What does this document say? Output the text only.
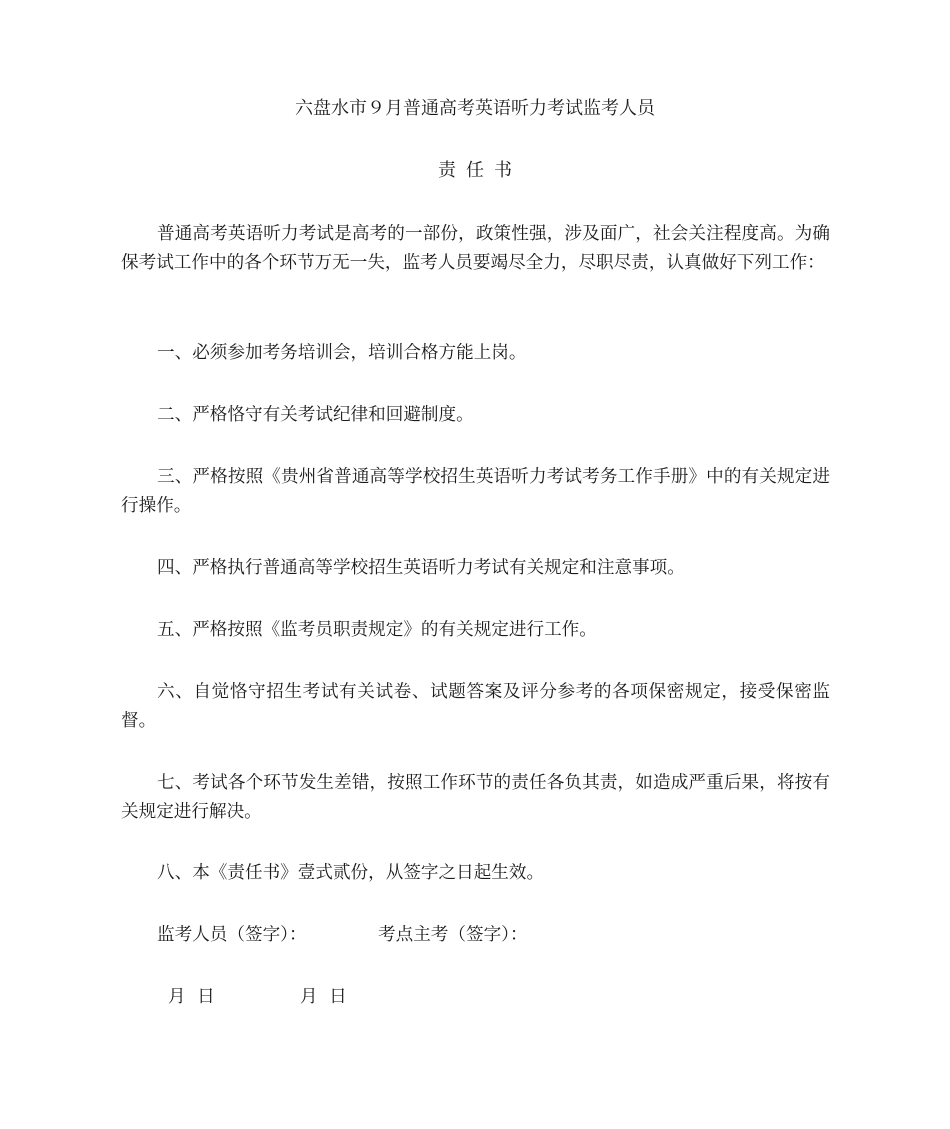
六盘水市９月普通高考英语听力考试监考人员
责任书

普通高考英语听力考试是高考的一部份，政策性强，涉及面广，社会关注程度高。为确保考试工作中的各个环节万无一失，监考人员要竭尽全力，尽职尽责，认真做好下列工作：

一、必须参加考务培训会，培训合格方能上岗。

二、严格恪守有关考试纪律和回避制度。

三、严格按照《贵州省普通高等学校招生英语听力考试考务工作手册》中的有关规定进行操作。

四、严格执行普通高等学校招生英语听力考试有关规定和注意事项。

五、严格按照《监考员职责规定》的有关规定进行工作。

六、自觉恪守招生考试有关试卷、试题答案及评分参考的各项保密规定，接受保密监督。

七、考试各个环节发生差错，按照工作环节的责任各负其责，如造成严重后果，将按有关规定进行解决。

八、本《责任书》壹式贰份，从签字之日起生效。

监考人员（签字）：	考点主考（签字）：

月 日	月 日
